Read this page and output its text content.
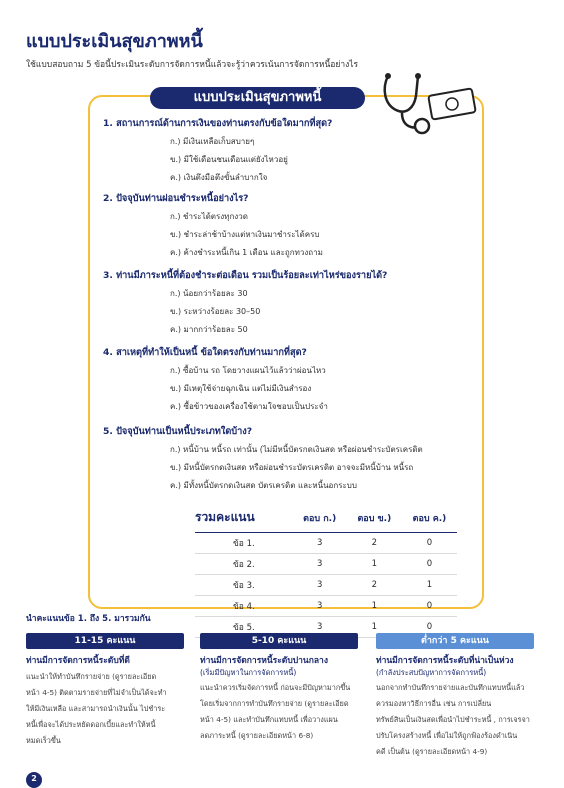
แบบประเมินสุขภาพหนี้
ใช้แบบสอบถาม 5 ข้อนี้ประเมินระดับการจัดการหนี้แล้วจะรู้ว่าควรเน้นการจัดการหนี้อย่างไร
แบบประเมินสุขภาพหนี้
1. สถานการณ์ด้านการเงินของท่านตรงกับข้อใดมากที่สุด?
ก.) มีเงินเหลือเก็บสบายๆ
ข.) มีใช้เดือนชนเดือนแต่ยังไหวอยู่
ค.) เงินตึงมือตึงขั้นลำบากใจ
2. ปัจจุบันท่านผ่อนชำระหนี้อย่างไร?
ก.) ชำระได้ตรงทุกงวด
ข.) ชำระล่าช้าบ้างแต่หาเงินมาชำระได้ครบ
ค.) ค้างชำระหนี้เกิน 1 เดือน และถูกทวงถาม
3. ท่านมีภาระหนี้ที่ต้องชำระต่อเดือน รวมเป็นร้อยละเท่าไหร่ของรายได้?
ก.) น้อยกว่าร้อยละ 30
ข.) ระหว่างร้อยละ 30–50
ค.) มากกว่าร้อยละ 50
4. สาเหตุที่ทำให้เป็นหนี้ ข้อใดตรงกับท่านมากที่สุด?
ก.) ซื้อบ้าน รถ โดยวางแผนไว้แล้วว่าผ่อนไหว
ข.) มีเหตุใช้จ่ายฉุกเฉิน แต่ไม่มีเงินสำรอง
ค.) ซื้อข้าวของเครื่องใช้ตามใจชอบเป็นประจำ
5. ปัจจุบันท่านเป็นหนี้ประเภทใดบ้าง?
ก.) หนี้บ้าน หนี้รถ เท่านั้น (ไม่มีหนี้บัตรกดเงินสด หรือผ่อนชำระบัตรเครดิต
ข.) มีหนี้บัตรกดเงินสด หรือผ่อนชำระบัตรเครดิต อาจจะมีหนี้บ้าน หนี้รถ
ค.) มีทั้งหนี้บัตรกดเงินสด บัตรเครดิต และหนี้นอกระบบ
รวมคะแนน	ตอบ ก.)	ตอบ ข.)	ตอบ ค.)
ข้อ 1.	3	2	0
ข้อ 2.	3	1	0
ข้อ 3.	3	2	1
ข้อ 4.	3	1	0
ข้อ 5.	3	1	0
นำคะแนนข้อ 1. ถึง 5. มารวมกัน
11-15 คะแนน
ท่านมีการจัดการหนี้ระดับที่ดี
แนะนำให้ทำบันทึกรายจ่าย (ดูรายละเอียด
หน้า 4-5) ติดตามรายจ่ายที่ไม่จำเป็นได้จะทำ
ให้มีเงินเหลือ และสามารถนำเงินนั้น ไปชำระ
หนี้เพื่อจะได้ประหยัดดอกเบี้ยและทำให้หนี้
หมดเร็วขึ้น
5-10 คะแนน
ท่านมีการจัดการหนี้ระดับปานกลาง
(เริ่มมีปัญหาในการจัดการหนี้)
แนะนำควรเริ่มจัดการหนี้ ก่อนจะมีปัญหามากขึ้น
โดยเริ่มจากการทำบันทึกรายจ่าย (ดูรายละเอียด
หน้า 4-5) และทำบันทึกแทบหนี้ เพื่อวางแผน
ลดภาระหนี้ (ดูรายละเอียดหน้า 6-8)
ต่ำกว่า 5 คะแนน
ท่านมีการจัดการหนี้ระดับที่น่าเป็นห่วง
(กำลังประสบปัญหาการจัดการหนี้)
นอกจากทำบันทึกรายจ่ายและบันทึกแทบหนี้แล้ว
ควรมองหาวิธีการอื่น เช่น การเปลี่ยน
ทรัพย์สินเป็นเงินสดเพื่อนำไปชำระหนี้ , การเจรจา
ปรับโครงสร้างหนี้ เพื่อไม่ให้ถูกฟ้องร้องดำเนิน
คดี เป็นต้น (ดูรายละเอียดหน้า 4-9)
2
